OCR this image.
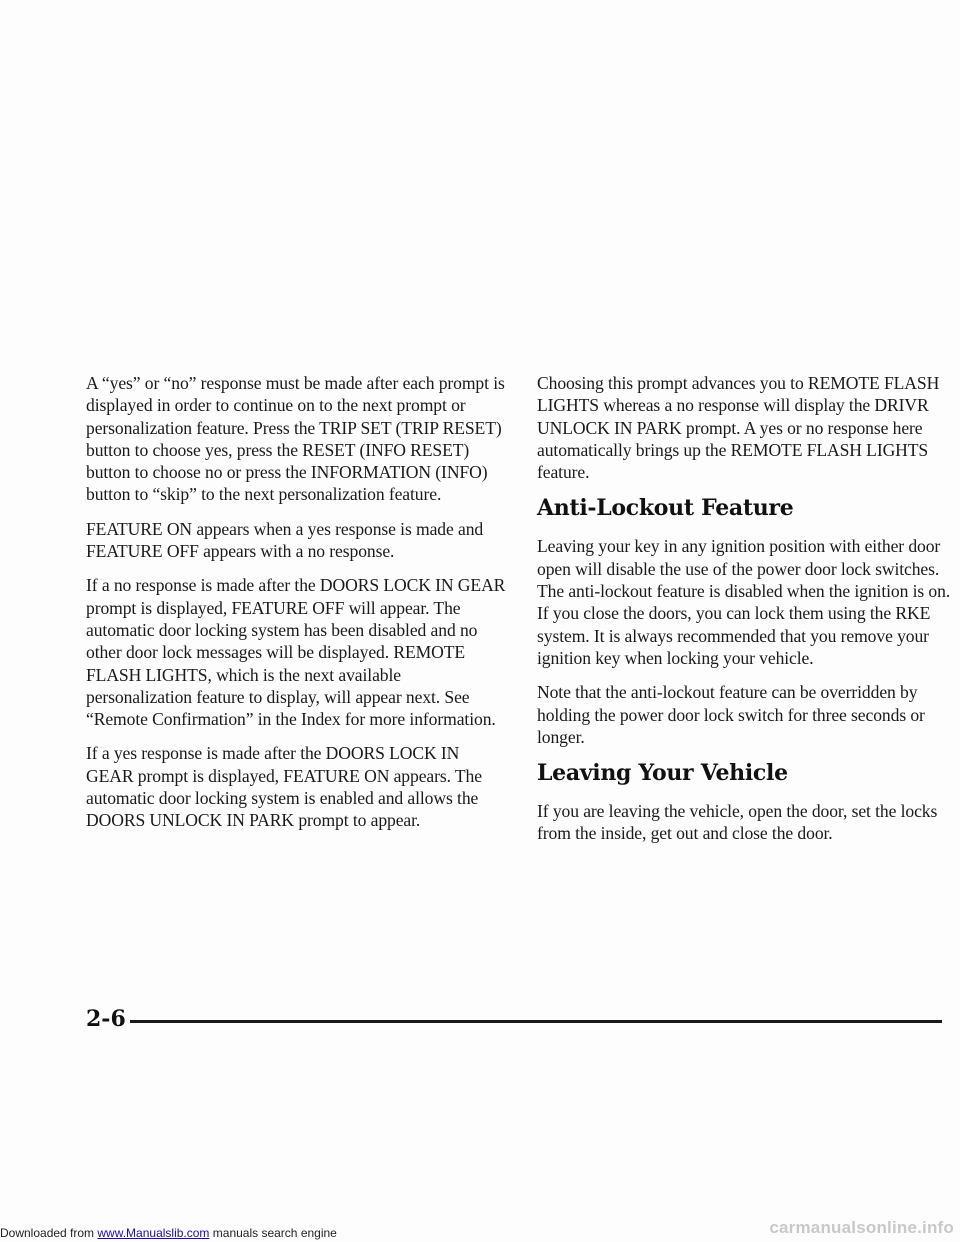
A “yes” or “no” response must be made after each prompt is displayed in order to continue on to the next prompt or personalization feature. Press the TRIP SET (TRIP RESET) button to choose yes, press the RESET (INFO RESET) button to choose no or press the INFORMATION (INFO) button to “skip” to the next personalization feature.

FEATURE ON appears when a yes response is made and FEATURE OFF appears with a no response.

If a no response is made after the DOORS LOCK IN GEAR prompt is displayed, FEATURE OFF will appear. The automatic door locking system has been disabled and no other door lock messages will be displayed. REMOTE FLASH LIGHTS, which is the next available personalization feature to display, will appear next. See “Remote Confirmation” in the Index for more information.

If a yes response is made after the DOORS LOCK IN GEAR prompt is displayed, FEATURE ON appears. The automatic door locking system is enabled and allows the DOORS UNLOCK IN PARK prompt to appear.

Choosing this prompt advances you to REMOTE FLASH LIGHTS whereas a no response will display the DRIVR UNLOCK IN PARK prompt. A yes or no response here automatically brings up the REMOTE FLASH LIGHTS feature.

Anti-Lockout Feature

Leaving your key in any ignition position with either door open will disable the use of the power door lock switches. The anti-lockout feature is disabled when the ignition is on. If you close the doors, you can lock them using the RKE system. It is always recommended that you remove your ignition key when locking your vehicle.

Note that the anti-lockout feature can be overridden by holding the power door lock switch for three seconds or longer.

Leaving Your Vehicle

If you are leaving the vehicle, open the door, set the locks from the inside, get out and close the door.

2-6
Downloaded from www.Manualslib.com manuals search engine	carmanualsonline.info
